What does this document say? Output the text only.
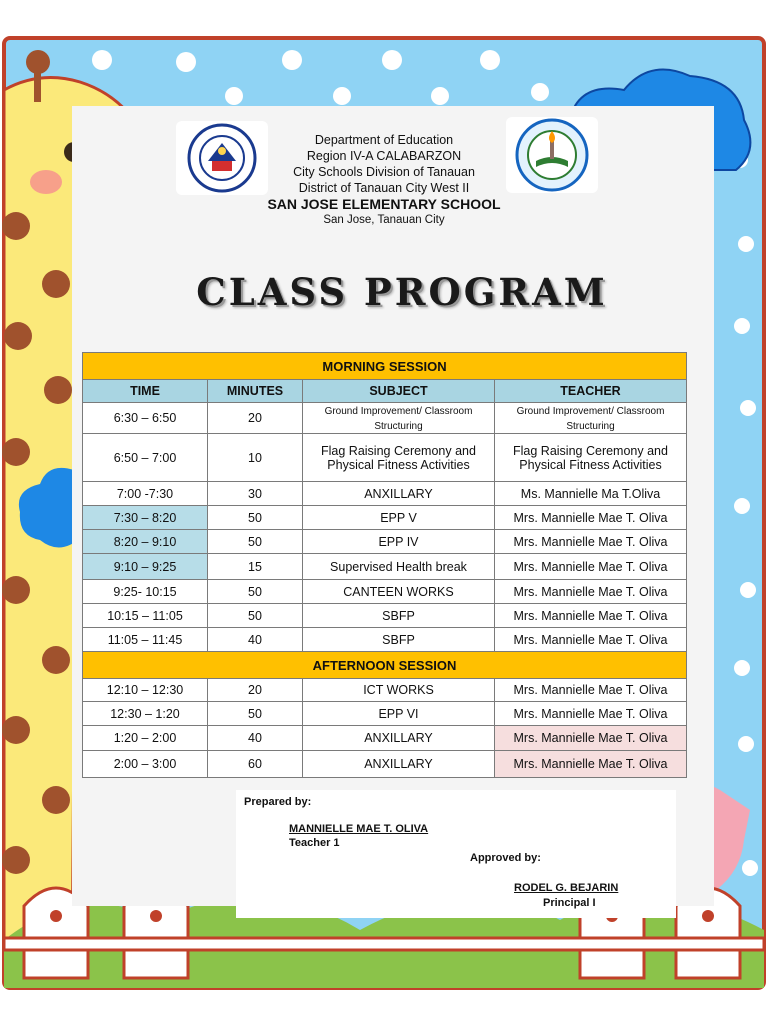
Department of Education
Region IV-A CALABARZON
City Schools Division of Tanauan
District of Tanauan City West II
SAN JOSE ELEMENTARY SCHOOL
San Jose, Tanauan City
CLASS PROGRAM
MORNING SESSION			
TIME	MINUTES	SUBJECT	TEACHER
6:30 – 6:50	20	Ground Improvement/ Classroom Structuring	Ground Improvement/ Classroom Structuring
6:50 – 7:00	10	Flag Raising Ceremony and Physical Fitness Activities	Flag Raising Ceremony and Physical Fitness Activities
7:00 -7:30	30	ANXILLARY	Ms. Mannielle Ma T.Oliva
7:30 – 8:20	50	EPP V	Mrs. Mannielle Mae T. Oliva
8:20 – 9:10	50	EPP IV	Mrs. Mannielle Mae T. Oliva
9:10 – 9:25	15	Supervised Health break	Mrs. Mannielle Mae T. Oliva
9:25- 10:15	50	CANTEEN WORKS	Mrs. Mannielle Mae T. Oliva
10:15 – 11:05	50	SBFP	Mrs. Mannielle Mae T. Oliva
11:05 – 11:45	40	SBFP	Mrs. Mannielle Mae T. Oliva
AFTERNOON SESSION			
12:10 – 12:30	20	ICT WORKS	Mrs. Mannielle Mae T. Oliva
12:30 – 1:20	50	EPP VI	Mrs. Mannielle Mae T. Oliva
1:20 – 2:00	40	ANXILLARY	Mrs. Mannielle Mae T. Oliva
2:00 – 3:00	60	ANXILLARY	Mrs. Mannielle Mae T. Oliva
Prepared by:
MANNIELLE MAE T. OLIVA
Teacher 1
Approved by:
RODEL G. BEJARIN
Principal I
